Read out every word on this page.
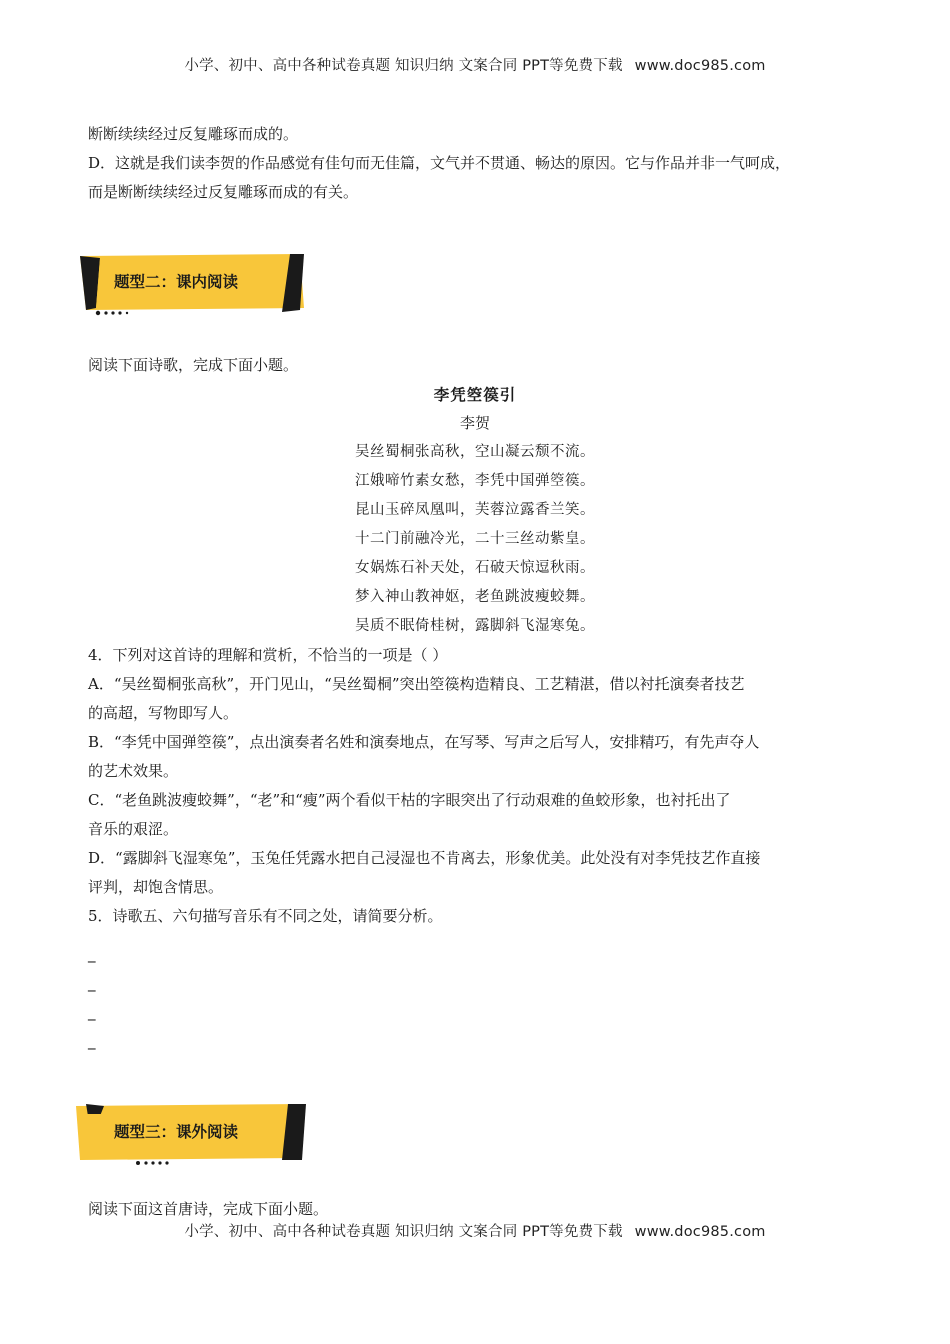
小学、初中、高中各种试卷真题 知识归纳 文案合同 PPT等免费下载 www.doc985.com
断断续续经过反复雕琢而成的。
D．这就是我们读李贺的作品感觉有佳句而无佳篇，文气并不贯通、畅达的原因。它与作品并非一气呵成，
而是断断续续经过反复雕琢而成的有关。
题型二：课内阅读
阅读下面诗歌，完成下面小题。
李凭箜篌引
李贺
吴丝蜀桐张高秋，空山凝云颓不流。
江娥啼竹素女愁，李凭中国弹箜篌。
昆山玉碎凤凰叫，芙蓉泣露香兰笑。
十二门前融冷光，二十三丝动紫皇。
女娲炼石补天处，石破天惊逗秋雨。
梦入神山教神妪，老鱼跳波瘦蛟舞。
吴质不眠倚桂树，露脚斜飞湿寒兔。
4．下列对这首诗的理解和赏析，不恰当的一项是（ ）
A．“吴丝蜀桐张高秋”，开门见山，“吴丝蜀桐”突出箜篌构造精良、工艺精湛，借以衬托演奏者技艺
的高超，写物即写人。
B．“李凭中国弹箜篌”，点出演奏者名姓和演奏地点，在写琴、写声之后写人，安排精巧，有先声夺人
的艺术效果。
C．“老鱼跳波瘦蛟舞”，“老”和“瘦”两个看似干枯的字眼突出了行动艰难的鱼蛟形象，也衬托出了
音乐的艰涩。
D．“露脚斜飞湿寒兔”，玉兔任凭露水把自己浸湿也不肯离去，形象优美。此处没有对李凭技艺作直接
评判，却饱含情思。
5．诗歌五、六句描写音乐有不同之处，请简要分析。
_
_
_
_
题型三：课外阅读
阅读下面这首唐诗，完成下面小题。
小学、初中、高中各种试卷真题 知识归纳 文案合同 PPT等免费下载 www.doc985.com
